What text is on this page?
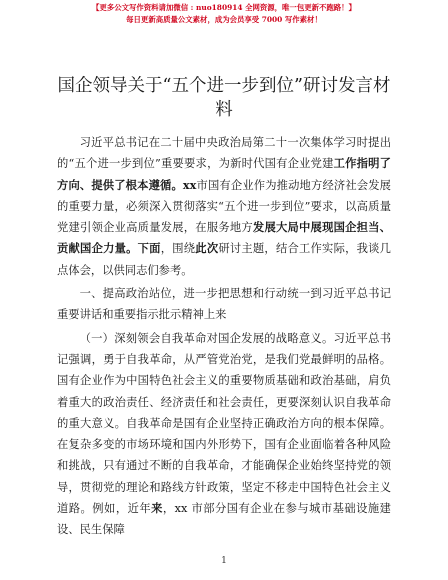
【更多公文写作资料请加微信 : nuo180914 全网资源，唯一包更新不跑路！】
每日更新高质量公文素材，成为会员享受 7000 写作素材！
国企领导关于“五个进一步到位”研讨发言材料

习近平总书记在二十届中央政治局第二十一次集体学习时提出的“五个进一步到位”重要要求，为新时代国有企业党建工作指明了方向、提供了根本遵循。xx市国有企业作为推动地方经济社会发展的重要力量，必须深入贯彻落实“五个进一步到位”要求，以高质量党建引领企业高质量发展，在服务地方发展大局中展现国企担当、贡献国企力量。下面，围绕此次研讨主题，结合工作实际，我谈几点体会，以供同志们参考。

一、提高政治站位，进一步把思想和行动统一到习近平总书记重要讲话和重要指示批示精神上来

（一）深刻领会自我革命对国企发展的战略意义。习近平总书记强调，勇于自我革命，从严管党治党，是我们党最鲜明的品格。国有企业作为中国特色社会主义的重要物质基础和政治基础，肩负着重大的政治责任、经济责任和社会责任，更要深刻认识自我革命的重大意义。自我革命是国有企业坚持正确政治方向的根本保障。在复杂多变的市场环境和国内外形势下，国有企业面临着各种风险和挑战，只有通过不断的自我革命，才能确保企业始终坚持党的领导，贯彻党的理论和路线方针政策，坚定不移走中国特色社会主义道路。例如，近年来，xx 市部分国有企业在参与城市基础设施建设、民生保障

1
